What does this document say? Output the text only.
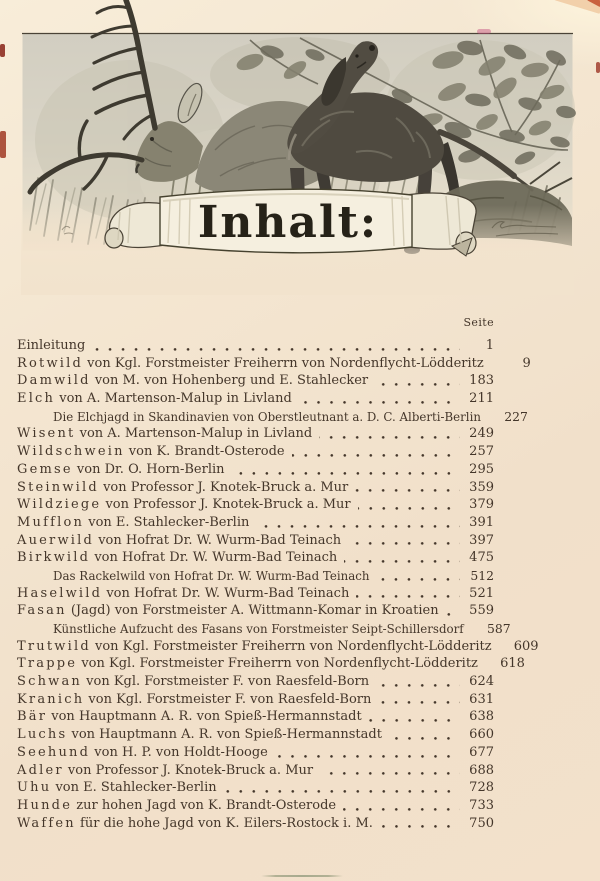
Inhalt:
Seite
Einleitung	1
Rotwild von Kgl. Forstmeister Freiherrn von Nordenflycht-Lödderitz	9
Damwild von M. von Hohenberg und E. Stahlecker	183
Elch von A. Martenson-Malup in Livland	211
Die Elchjagd in Skandinavien von Oberstleutnant a. D. C. Alberti-Berlin	227
Wisent von A. Martenson-Malup in Livland	249
Wildschwein von K. Brandt-Osterode	257
Gemse von Dr. O. Horn-Berlin	295
Steinwild von Professor J. Knotek-Bruck a. Mur	359
Wildziege von Professor J. Knotek-Bruck a. Mur	379
Mufflon von E. Stahlecker-Berlin	391
Auerwild von Hofrat Dr. W. Wurm-Bad Teinach	397
Birkwild von Hofrat Dr. W. Wurm-Bad Teinach	475
Das Rackelwild von Hofrat Dr. W. Wurm-Bad Teinach	512
Haselwild von Hofrat Dr. W. Wurm-Bad Teinach	521
Fasan (Jagd) von Forstmeister A. Wittmann-Komar in Kroatien	559
Künstliche Aufzucht des Fasans von Forstmeister Seipt-Schillersdorf	587
Trutwild von Kgl. Forstmeister Freiherrn von Nordenflycht-Lödderitz	609
Trappe von Kgl. Forstmeister Freiherrn von Nordenflycht-Lödderitz	618
Schwan von Kgl. Forstmeister F. von Raesfeld-Born	624
Kranich von Kgl. Forstmeister F. von Raesfeld-Born	631
Bär von Hauptmann A. R. von Spieß-Hermannstadt	638
Luchs von Hauptmann A. R. von Spieß-Hermannstadt	660
Seehund von H. P. von Holdt-Hooge	677
Adler von Professor J. Knotek-Bruck a. Mur	688
Uhu von E. Stahlecker-Berlin	728
Hunde zur hohen Jagd von K. Brandt-Osterode	733
Waffen für die hohe Jagd von K. Eilers-Rostock i. M.	750
